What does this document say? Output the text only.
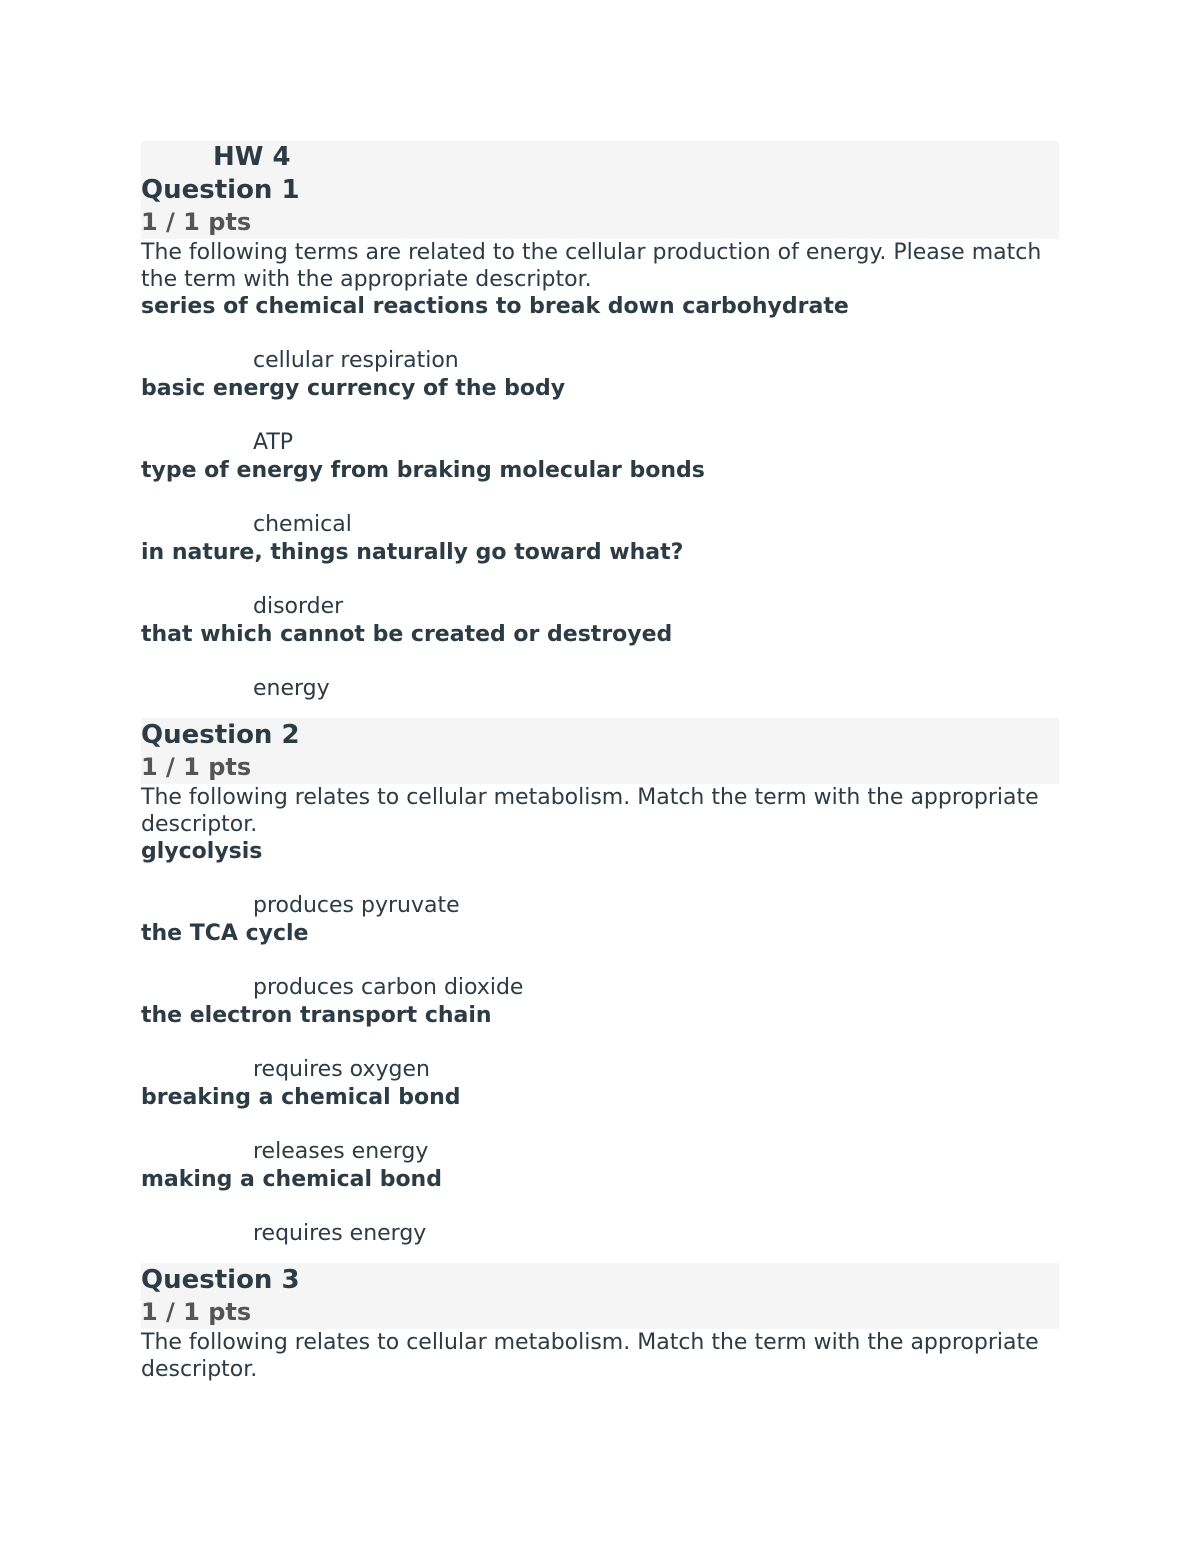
HW 4
Question 1
1 / 1 pts
The following terms are related to the cellular production of energy. Please match the term with the appropriate descriptor.
series of chemical reactions to break down carbohydrate
cellular respiration
basic energy currency of the body
ATP
type of energy from braking molecular bonds
chemical
in nature, things naturally go toward what?
disorder
that which cannot be created or destroyed
energy
Question 2
1 / 1 pts
The following relates to cellular metabolism. Match the term with the appropriate descriptor.
glycolysis
produces pyruvate
the TCA cycle
produces carbon dioxide
the electron transport chain
requires oxygen
breaking a chemical bond
releases energy
making a chemical bond
requires energy
Question 3
1 / 1 pts
The following relates to cellular metabolism. Match the term with the appropriate descriptor.
